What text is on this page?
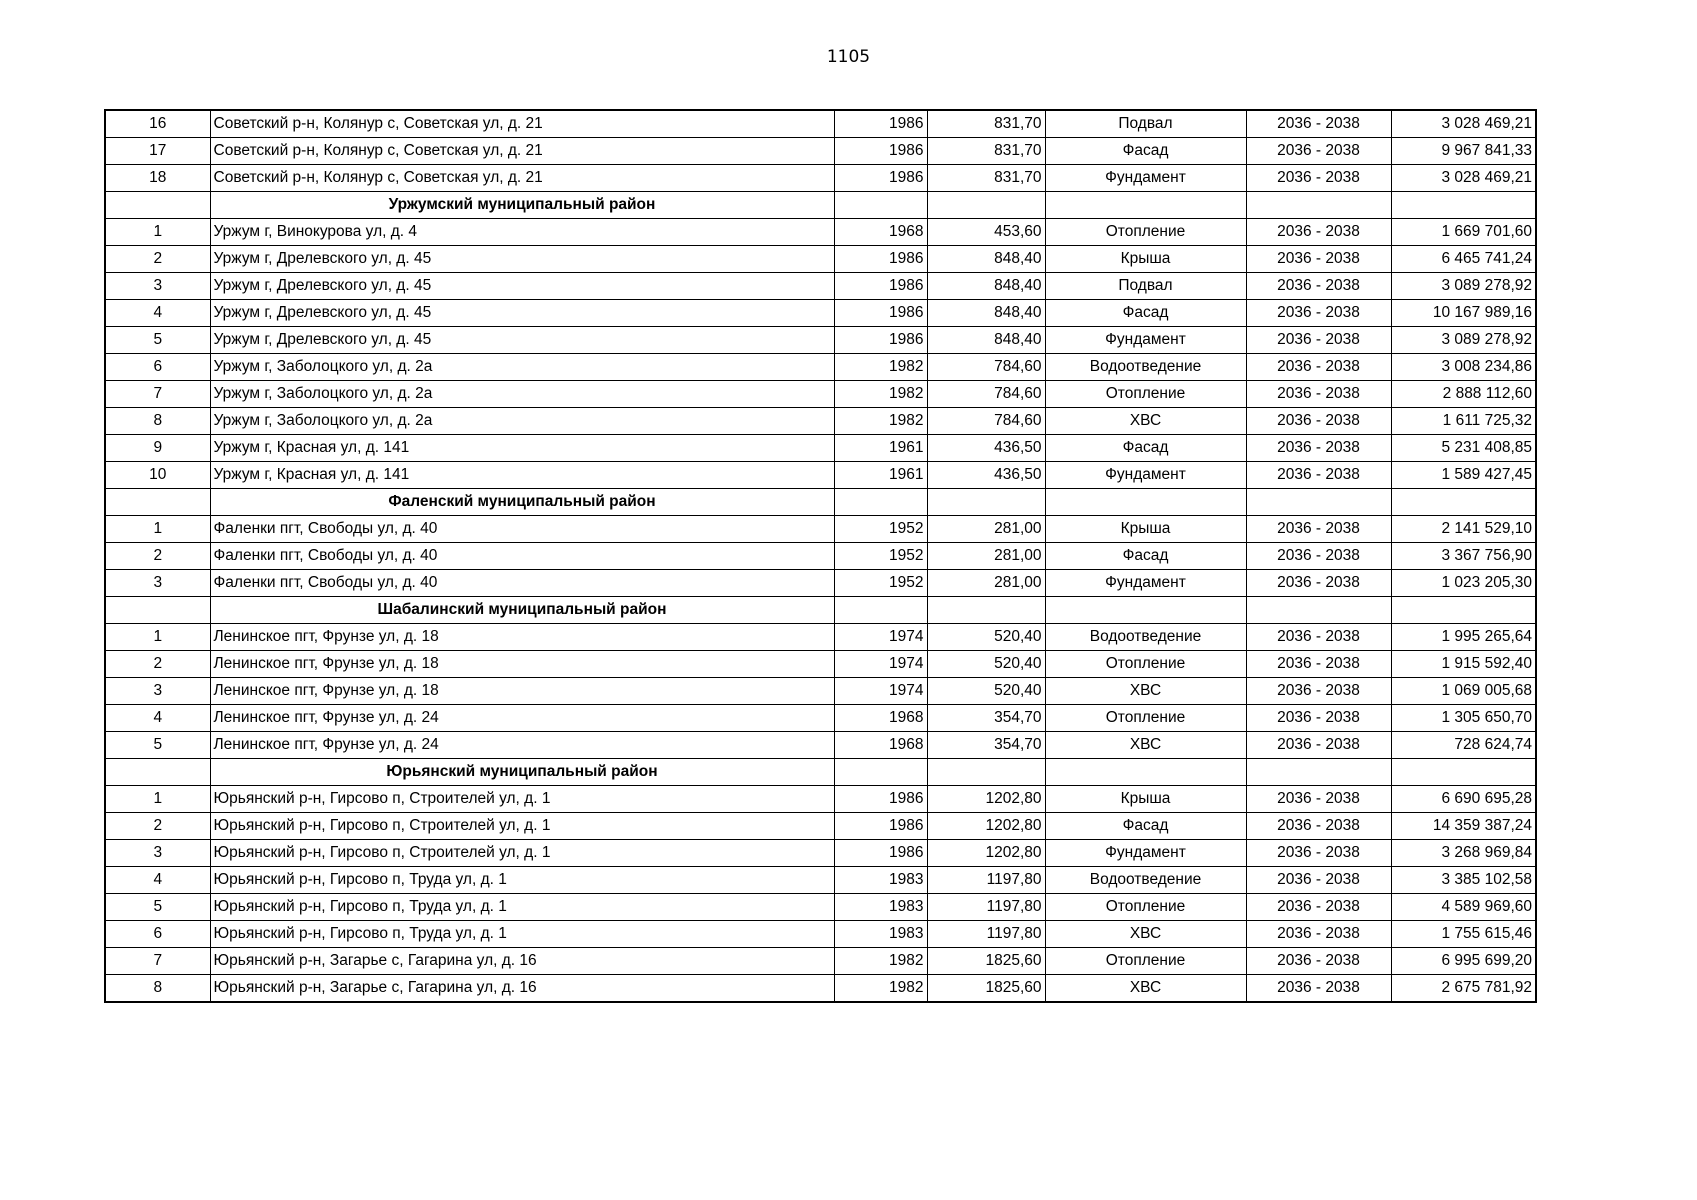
1105
16	Советский р-н, Колянур с, Советская ул, д. 21	1986	831,70	Подвал	2036 - 2038	3 028 469,21
17	Советский р-н, Колянур с, Советская ул, д. 21	1986	831,70	Фасад	2036 - 2038	9 967 841,33
18	Советский р-н, Колянур с, Советская ул, д. 21	1986	831,70	Фундамент	2036 - 2038	3 028 469,21
	Уржумский муниципальный район					
1	Уржум г, Винокурова ул, д. 4	1968	453,60	Отопление	2036 - 2038	1 669 701,60
2	Уржум г, Дрелевского ул, д. 45	1986	848,40	Крыша	2036 - 2038	6 465 741,24
3	Уржум г, Дрелевского ул, д. 45	1986	848,40	Подвал	2036 - 2038	3 089 278,92
4	Уржум г, Дрелевского ул, д. 45	1986	848,40	Фасад	2036 - 2038	10 167 989,16
5	Уржум г, Дрелевского ул, д. 45	1986	848,40	Фундамент	2036 - 2038	3 089 278,92
6	Уржум г, Заболоцкого ул, д. 2а	1982	784,60	Водоотведение	2036 - 2038	3 008 234,86
7	Уржум г, Заболоцкого ул, д. 2а	1982	784,60	Отопление	2036 - 2038	2 888 112,60
8	Уржум г, Заболоцкого ул, д. 2а	1982	784,60	ХВС	2036 - 2038	1 611 725,32
9	Уржум г, Красная ул, д. 141	1961	436,50	Фасад	2036 - 2038	5 231 408,85
10	Уржум г, Красная ул, д. 141	1961	436,50	Фундамент	2036 - 2038	1 589 427,45
	Фаленский муниципальный район					
1	Фаленки пгт, Свободы ул, д. 40	1952	281,00	Крыша	2036 - 2038	2 141 529,10
2	Фаленки пгт, Свободы ул, д. 40	1952	281,00	Фасад	2036 - 2038	3 367 756,90
3	Фаленки пгт, Свободы ул, д. 40	1952	281,00	Фундамент	2036 - 2038	1 023 205,30
	Шабалинский муниципальный район					
1	Ленинское пгт, Фрунзе ул, д. 18	1974	520,40	Водоотведение	2036 - 2038	1 995 265,64
2	Ленинское пгт, Фрунзе ул, д. 18	1974	520,40	Отопление	2036 - 2038	1 915 592,40
3	Ленинское пгт, Фрунзе ул, д. 18	1974	520,40	ХВС	2036 - 2038	1 069 005,68
4	Ленинское пгт, Фрунзе ул, д. 24	1968	354,70	Отопление	2036 - 2038	1 305 650,70
5	Ленинское пгт, Фрунзе ул, д. 24	1968	354,70	ХВС	2036 - 2038	728 624,74
	Юрьянский муниципальный район					
1	Юрьянский р-н, Гирсово п, Строителей ул, д. 1	1986	1202,80	Крыша	2036 - 2038	6 690 695,28
2	Юрьянский р-н, Гирсово п, Строителей ул, д. 1	1986	1202,80	Фасад	2036 - 2038	14 359 387,24
3	Юрьянский р-н, Гирсово п, Строителей ул, д. 1	1986	1202,80	Фундамент	2036 - 2038	3 268 969,84
4	Юрьянский р-н, Гирсово п, Труда ул, д. 1	1983	1197,80	Водоотведение	2036 - 2038	3 385 102,58
5	Юрьянский р-н, Гирсово п, Труда ул, д. 1	1983	1197,80	Отопление	2036 - 2038	4 589 969,60
6	Юрьянский р-н, Гирсово п, Труда ул, д. 1	1983	1197,80	ХВС	2036 - 2038	1 755 615,46
7	Юрьянский р-н, Загарье с, Гагарина ул, д. 16	1982	1825,60	Отопление	2036 - 2038	6 995 699,20
8	Юрьянский р-н, Загарье с, Гагарина ул, д. 16	1982	1825,60	ХВС	2036 - 2038	2 675 781,92
